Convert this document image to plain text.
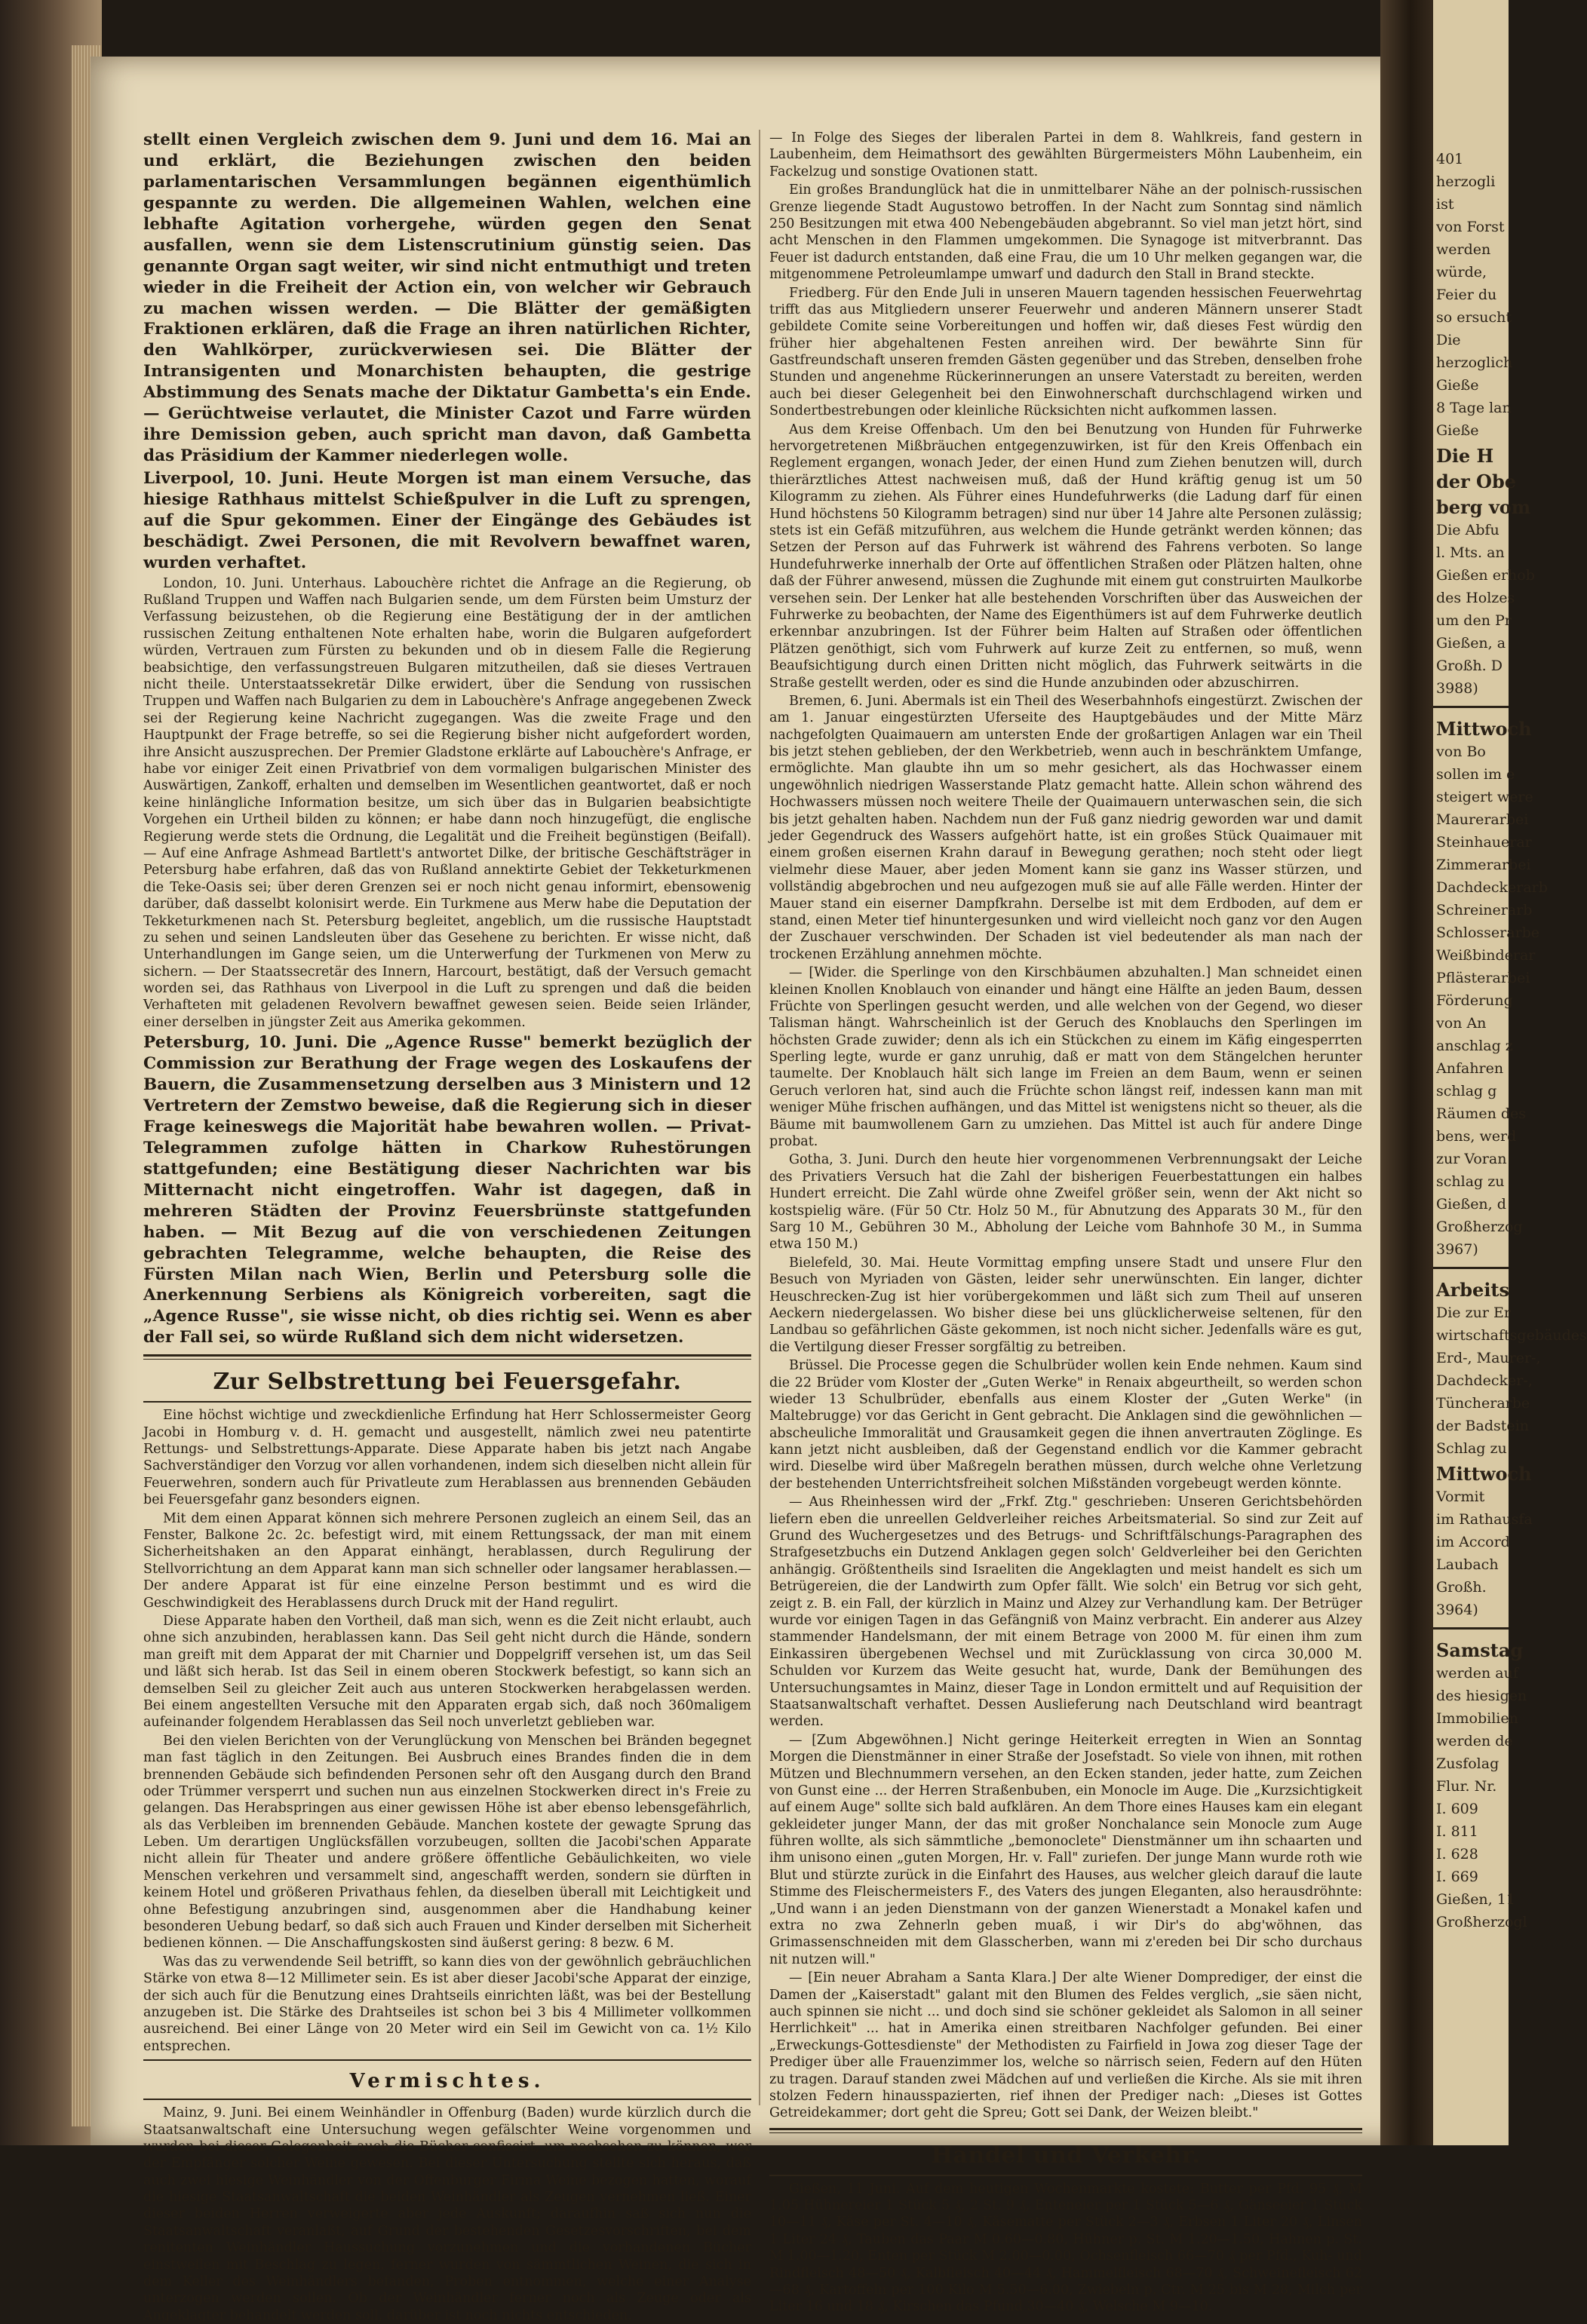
401
herzogli
ist
von Forst
werden
würde,
Feier du
so ersucht
Die
herzoglich
Gieße
8 Tage lan
Gieße
Die H
der Obe
berg vom
Die Abfu
l. Mts. an
Gießen erhob
des Holzes
um den Pr
Gießen, a
Großh. D
3988)
Mittwoch
von Bo
sollen im e
steigert were
Maurerarbei
Steinhauerar
Zimmerarbei
Dachdeckerarb
Schreinerarb
Schlosserarbe
Weißbinderar
Pflästerarbei
Förderung
von An
anschlag z
Anfahren
schlag g
Räumen des
bens, werd
zur Voran
schlag zu
Gießen, d
Großherzog
3967)
Arbeits
Die zur Er
wirtschaftsgebäudes
Erd-, Maurer-,
Dachdecker-,
Tüncherarbe
der Badstein
Schlag zu
Mittwoch
Vormit
im Rathausfa
im Accord
Laubach
Großh.
3964)
Samstag
werden auf
des hiesigen
Immobilien
werden de
Zusfolag
Flur. Nr.
I. 609
I. 811
I. 628
I. 669
Gießen, 11
Großherzogl

stellt einen Vergleich zwischen dem 9. Juni und dem 16. Mai an und erklärt, die Beziehungen zwischen den beiden parlamentarischen Versammlungen begännen eigenthümlich gespannte zu werden. Die allgemeinen Wahlen, welchen eine lebhafte Agitation vorhergehe, würden gegen den Senat ausfallen, wenn sie dem Listenscrutinium günstig seien. Das genannte Organ sagt weiter, wir sind nicht entmuthigt und treten wieder in die Freiheit der Action ein, von welcher wir Gebrauch zu machen wissen werden. — Die Blätter der gemäßigten Fraktionen erklären, daß die Frage an ihren natürlichen Richter, den Wahlkörper, zurückverwiesen sei. Die Blätter der Intransigenten und Monarchisten behaupten, die gestrige Abstimmung des Senats mache der Diktatur Gambetta's ein Ende. — Gerüchtweise verlautet, die Minister Cazot und Farre würden ihre Demission geben, auch spricht man davon, daß Gambetta das Präsidium der Kammer niederlegen wolle.

Liverpool, 10. Juni. Heute Morgen ist man einem Versuche, das hiesige Rathhaus mittelst Schießpulver in die Luft zu sprengen, auf die Spur gekommen. Einer der Eingänge des Gebäudes ist beschädigt. Zwei Personen, die mit Revolvern bewaffnet waren, wurden verhaftet.

London, 10. Juni. Unterhaus. Labouchère richtet die Anfrage an die Regierung, ob Rußland Truppen und Waffen nach Bulgarien sende, um dem Fürsten beim Umsturz der Verfassung beizustehen, ob die Regierung eine Bestätigung der in der amtlichen russischen Zeitung enthaltenen Note erhalten habe, worin die Bulgaren aufgefordert würden, Vertrauen zum Fürsten zu bekunden und ob in diesem Falle die Regierung beabsichtige, den verfassungstreuen Bulgaren mitzutheilen, daß sie dieses Vertrauen nicht theile. Unterstaatssekretär Dilke erwidert, über die Sendung von russischen Truppen und Waffen nach Bulgarien zu dem in Labouchère's Anfrage angegebenen Zweck sei der Regierung keine Nachricht zugegangen. Was die zweite Frage und den Hauptpunkt der Frage betreffe, so sei die Regierung bisher nicht aufgefordert worden, ihre Ansicht auszusprechen. Der Premier Gladstone erklärte auf Labouchère's Anfrage, er habe vor einiger Zeit einen Privatbrief von dem vormaligen bulgarischen Minister des Auswärtigen, Zankoff, erhalten und demselben im Wesentlichen geantwortet, daß er noch keine hinlängliche Information besitze, um sich über das in Bulgarien beabsichtigte Vorgehen ein Urtheil bilden zu können; er habe dann noch hinzugefügt, die englische Regierung werde stets die Ordnung, die Legalität und die Freiheit begünstigen (Beifall). — Auf eine Anfrage Ashmead Bartlett's antwortet Dilke, der britische Geschäftsträger in Petersburg habe erfahren, daß das von Rußland annektirte Gebiet der Tekketurkmenen die Teke-Oasis sei; über deren Grenzen sei er noch nicht genau informirt, ebensowenig darüber, daß dasselbt kolonisirt werde. Ein Turkmene aus Merw habe die Deputation der Tekketurkmenen nach St. Petersburg begleitet, angeblich, um die russische Hauptstadt zu sehen und seinen Landsleuten über das Gesehene zu berichten. Er wisse nicht, daß Unterhandlungen im Gange seien, um die Unterwerfung der Turkmenen von Merw zu sichern. — Der Staatssecretär des Innern, Harcourt, bestätigt, daß der Versuch gemacht worden sei, das Rathhaus von Liverpool in die Luft zu sprengen und daß die beiden Verhafteten mit geladenen Revolvern bewaffnet gewesen seien. Beide seien Irländer, einer derselben in jüngster Zeit aus Amerika gekommen.

Petersburg, 10. Juni. Die „Agence Russe" bemerkt bezüglich der Commission zur Berathung der Frage wegen des Loskaufens der Bauern, die Zusammensetzung derselben aus 3 Ministern und 12 Vertretern der Zemstwo beweise, daß die Regierung sich in dieser Frage keineswegs die Majorität habe bewahren wollen. — Privat-Telegrammen zufolge hätten in Charkow Ruhestörungen stattgefunden; eine Bestätigung dieser Nachrichten war bis Mitternacht nicht eingetroffen. Wahr ist dagegen, daß in mehreren Städten der Provinz Feuersbrünste stattgefunden haben. — Mit Bezug auf die von verschiedenen Zeitungen gebrachten Telegramme, welche behaupten, die Reise des Fürsten Milan nach Wien, Berlin und Petersburg solle die Anerkennung Serbiens als Königreich vorbereiten, sagt die „Agence Russe", sie wisse nicht, ob dies richtig sei. Wenn es aber der Fall sei, so würde Rußland sich dem nicht widersetzen.

Zur Selbstrettung bei Feuersgefahr.

Eine höchst wichtige und zweckdienliche Erfindung hat Herr Schlossermeister Georg Jacobi in Homburg v. d. H. gemacht und ausgestellt, nämlich zwei neu patentirte Rettungs- und Selbstrettungs-Apparate. Diese Apparate haben bis jetzt nach Angabe Sachverständiger den Vorzug vor allen vorhandenen, indem sich dieselben nicht allein für Feuerwehren, sondern auch für Privatleute zum Herablassen aus brennenden Gebäuden bei Feuersgefahr ganz besonders eignen.

Mit dem einen Apparat können sich mehrere Personen zugleich an einem Seil, das an Fenster, Balkone 2c. 2c. befestigt wird, mit einem Rettungssack, der man mit einem Sicherheitshaken an den Apparat einhängt, herablassen, durch Regulirung der Stellvorrichtung an dem Apparat kann man sich schneller oder langsamer herablassen.— Der andere Apparat ist für eine einzelne Person bestimmt und es wird die Geschwindigkeit des Herablassens durch Druck mit der Hand regulirt.

Diese Apparate haben den Vortheil, daß man sich, wenn es die Zeit nicht erlaubt, auch ohne sich anzubinden, herablassen kann. Das Seil geht nicht durch die Hände, sondern man greift mit dem Apparat der mit Charnier und Doppelgriff versehen ist, um das Seil und läßt sich herab. Ist das Seil in einem oberen Stockwerk befestigt, so kann sich an demselben Seil zu gleicher Zeit auch aus unteren Stockwerken herabgelassen werden. Bei einem angestellten Versuche mit den Apparaten ergab sich, daß noch 360maligem aufeinander folgendem Herablassen das Seil noch unverletzt geblieben war.

Bei den vielen Berichten von der Verunglückung von Menschen bei Bränden begegnet man fast täglich in den Zeitungen. Bei Ausbruch eines Brandes finden die in dem brennenden Gebäude sich befindenden Personen sehr oft den Ausgang durch den Brand oder Trümmer versperrt und suchen nun aus einzelnen Stockwerken direct in's Freie zu gelangen. Das Herabspringen aus einer gewissen Höhe ist aber ebenso lebensgefährlich, als das Verbleiben im brennenden Gebäude. Manchen kostete der gewagte Sprung das Leben. Um derartigen Unglücksfällen vorzubeugen, sollten die Jacobi'schen Apparate nicht allein für Theater und andere größere öffentliche Gebäulichkeiten, wo viele Menschen verkehren und versammelt sind, angeschafft werden, sondern sie dürften in keinem Hotel und größeren Privathaus fehlen, da dieselben überall mit Leichtigkeit und ohne Befestigung anzubringen sind, ausgenommen aber die Handhabung keiner besonderen Uebung bedarf, so daß sich auch Frauen und Kinder derselben mit Sicherheit bedienen können. — Die Anschaffungskosten sind äußerst gering: 8 bezw. 6 M.

Was das zu verwendende Seil betrifft, so kann dies von der gewöhnlich gebräuchlichen Stärke von etwa 8—12 Millimeter sein. Es ist aber dieser Jacobi'sche Apparat der einzige, der sich auch für die Benutzung eines Drahtseils einrichten läßt, was bei der Bestellung anzugeben ist. Die Stärke des Drahtseiles ist schon bei 3 bis 4 Millimeter vollkommen ausreichend. Bei einer Länge von 20 Meter wird ein Seil im Gewicht von ca. 1½ Kilo entsprechen.

Vermischtes.

Mainz, 9. Juni. Bei einem Weinhändler in Offenburg (Baden) wurde kürzlich durch die Staatsanwaltschaft eine Untersuchung wegen gefälschter Weine vorgenommen und wurden bei dieser Gelegenheit auch die Bücher confiscirt, um nachsehen zu können, wer der Empfänger solcher Weine gewesen. Bei dieser Untersuchung stellte sich heraus, daß auch zwei hiesige Weinhändler von der Offenburger Firma Weine bezogen hatten, worauf die hiesige Staatsanwaltschaft die beiden Weinhändler als Zeugen vernehmen ließ. Einer dieser beiden Herren verweigerte aber jede Auskunft; daraufhin saß sich nun die Staatsanwaltschaft veranlaßt, auf Grund der bestehenden Gesetzesvorschriften, bei dem renitenten Weinhändler Haussuchung vorzunehmen und die vorhandenen Bücher einstweilen mit Beschlag zu legen, ferner wurden von sämmtlichen Weinen, die sich in dem Keller des Weinhändlers befanden, Proben entnommen, welche einer Analyse unterzogen werden sollen. Ob der Weinhändler ferner noch als Zeuge oder als Angeklagter behandelt werden soll, darüber ist noch nichts entschieden.

— In Folge des Sieges der liberalen Partei in dem 8. Wahlkreis, fand gestern in Laubenheim, dem Heimathsort des gewählten Bürgermeisters Möhn Laubenheim, ein Fackelzug und sonstige Ovationen statt.

Ein großes Brandunglück hat die in unmittelbarer Nähe an der polnisch-russischen Grenze liegende Stadt Augustowo betroffen. In der Nacht zum Sonntag sind nämlich 250 Besitzungen mit etwa 400 Nebengebäuden abgebrannt. So viel man jetzt hört, sind acht Menschen in den Flammen umgekommen. Die Synagoge ist mitverbrannt. Das Feuer ist dadurch entstanden, daß eine Frau, die um 10 Uhr melken gegangen war, die mitgenommene Petroleumlampe umwarf und dadurch den Stall in Brand steckte.

Friedberg. Für den Ende Juli in unseren Mauern tagenden hessischen Feuerwehrtag trifft das aus Mitgliedern unserer Feuerwehr und anderen Männern unserer Stadt gebildete Comite seine Vorbereitungen und hoffen wir, daß dieses Fest würdig den früher hier abgehaltenen Festen anreihen wird. Der bewährte Sinn für Gastfreundschaft unseren fremden Gästen gegenüber und das Streben, denselben frohe Stunden und angenehme Rückerinnerungen an unsere Vaterstadt zu bereiten, werden auch bei dieser Gelegenheit bei den Einwohnerschaft durchschlagend wirken und Sondertbestrebungen oder kleinliche Rücksichten nicht aufkommen lassen.

Aus dem Kreise Offenbach. Um den bei Benutzung von Hunden für Fuhrwerke hervorgetretenen Mißbräuchen entgegenzuwirken, ist für den Kreis Offenbach ein Reglement ergangen, wonach Jeder, der einen Hund zum Ziehen benutzen will, durch thierärztliches Attest nachweisen muß, daß der Hund kräftig genug ist um 50 Kilogramm zu ziehen. Als Führer eines Hundefuhrwerks (die Ladung darf für einen Hund höchstens 50 Kilogramm betragen) sind nur über 14 Jahre alte Personen zulässig; stets ist ein Gefäß mitzuführen, aus welchem die Hunde getränkt werden können; das Setzen der Person auf das Fuhrwerk ist während des Fahrens verboten. So lange Hundefuhrwerke innerhalb der Orte auf öffentlichen Straßen oder Plätzen halten, ohne daß der Führer anwesend, müssen die Zughunde mit einem gut construirten Maulkorbe versehen sein. Der Lenker hat alle bestehenden Vorschriften über das Ausweichen der Fuhrwerke zu beobachten, der Name des Eigenthümers ist auf dem Fuhrwerke deutlich erkennbar anzubringen. Ist der Führer beim Halten auf Straßen oder öffentlichen Plätzen genöthigt, sich vom Fuhrwerk auf kurze Zeit zu entfernen, so muß, wenn Beaufsichtigung durch einen Dritten nicht möglich, das Fuhrwerk seitwärts in die Straße gestellt werden, oder es sind die Hunde anzubinden oder abzuschirren.

Bremen, 6. Juni. Abermals ist ein Theil des Weserbahnhofs eingestürzt. Zwischen der am 1. Januar eingestürzten Uferseite des Hauptgebäudes und der Mitte März nachgefolgten Quaimauern am untersten Ende der großartigen Anlagen war ein Theil bis jetzt stehen geblieben, der den Werkbetrieb, wenn auch in beschränktem Umfange, ermöglichte. Man glaubte ihn um so mehr gesichert, als das Hochwasser einem ungewöhnlich niedrigen Wasserstande Platz gemacht hatte. Allein schon während des Hochwassers müssen noch weitere Theile der Quaimauern unterwaschen sein, die sich bis jetzt gehalten haben. Nachdem nun der Fuß ganz niedrig geworden war und damit jeder Gegendruck des Wassers aufgehört hatte, ist ein großes Stück Quaimauer mit einem großen eisernen Krahn darauf in Bewegung gerathen; noch steht oder liegt vielmehr diese Mauer, aber jeden Moment kann sie ganz ins Wasser stürzen, und vollständig abgebrochen und neu aufgezogen muß sie auf alle Fälle werden. Hinter der Mauer stand ein eiserner Dampfkrahn. Derselbe ist mit dem Erdboden, auf dem er stand, einen Meter tief hinuntergesunken und wird vielleicht noch ganz vor den Augen der Zuschauer verschwinden. Der Schaden ist viel bedeutender als man nach der trockenen Erzählung annehmen möchte.

— [Wider. die Sperlinge von den Kirschbäumen abzuhalten.] Man schneidet einen kleinen Knollen Knoblauch von einander und hängt eine Hälfte an jeden Baum, dessen Früchte von Sperlingen gesucht werden, und alle welchen von der Gegend, wo dieser Talisman hängt. Wahrscheinlich ist der Geruch des Knoblauchs den Sperlingen im höchsten Grade zuwider; denn als ich ein Stückchen zu einem im Käfig eingesperrten Sperling legte, wurde er ganz unruhig, daß er matt von dem Stängelchen herunter taumelte. Der Knoblauch hält sich lange im Freien an dem Baum, wenn er seinen Geruch verloren hat, sind auch die Früchte schon längst reif, indessen kann man mit weniger Mühe frischen aufhängen, und das Mittel ist wenigstens nicht so theuer, als die Bäume mit baumwollenem Garn zu umziehen. Das Mittel ist auch für andere Dinge probat.

Gotha, 3. Juni. Durch den heute hier vorgenommenen Verbrennungsakt der Leiche des Privatiers Versuch hat die Zahl der bisherigen Feuerbestattungen ein halbes Hundert erreicht. Die Zahl würde ohne Zweifel größer sein, wenn der Akt nicht so kostspielig wäre. (Für 50 Ctr. Holz 50 M., für Abnutzung des Apparats 30 M., für den Sarg 10 M., Gebühren 30 M., Abholung der Leiche vom Bahnhofe 30 M., in Summa etwa 150 M.)

Bielefeld, 30. Mai. Heute Vormittag empfing unsere Stadt und unsere Flur den Besuch von Myriaden von Gästen, leider sehr unerwünschten. Ein langer, dichter Heuschrecken-Zug ist hier vorübergekommen und läßt sich zum Theil auf unseren Aeckern niedergelassen. Wo bisher diese bei uns glücklicherweise seltenen, für den Landbau so gefährlichen Gäste gekommen, ist noch nicht sicher. Jedenfalls wäre es gut, die Vertilgung dieser Fresser sorgfältig zu betreiben.

Brüssel. Die Processe gegen die Schulbrüder wollen kein Ende nehmen. Kaum sind die 22 Brüder vom Kloster der „Guten Werke" in Renaix abgeurtheilt, so werden schon wieder 13 Schulbrüder, ebenfalls aus einem Kloster der „Guten Werke" (in Maltebrugge) vor das Gericht in Gent gebracht. Die Anklagen sind die gewöhnlichen — abscheuliche Immoralität und Grausamkeit gegen die ihnen anvertrauten Zöglinge. Es kann jetzt nicht ausbleiben, daß der Gegenstand endlich vor die Kammer gebracht wird. Dieselbe wird über Maßregeln berathen müssen, durch welche ohne Verletzung der bestehenden Unterrichtsfreiheit solchen Mißständen vorgebeugt werden könnte.

— Aus Rheinhessen wird der „Frkf. Ztg." geschrieben: Unseren Gerichtsbehörden liefern eben die unreellen Geldverleiher reiches Arbeitsmaterial. So sind zur Zeit auf Grund des Wuchergesetzes und des Betrugs- und Schriftfälschungs-Paragraphen des Strafgesetzbuchs ein Dutzend Anklagen gegen solch' Geldverleiher bei den Gerichten anhängig. Größtentheils sind Israeliten die Angeklagten und meist handelt es sich um Betrügereien, die der Landwirth zum Opfer fällt. Wie solch' ein Betrug vor sich geht, zeigt z. B. ein Fall, der kürzlich in Mainz und Alzey zur Verhandlung kam. Der Betrüger wurde vor einigen Tagen in das Gefängniß von Mainz verbracht. Ein anderer aus Alzey stammender Handelsmann, der mit einem Betrage von 2000 M. für einen ihm zum Einkassiren übergebenen Wechsel und mit Zurücklassung von circa 30,000 M. Schulden vor Kurzem das Weite gesucht hat, wurde, Dank der Bemühungen des Untersuchungsamtes in Mainz, dieser Tage in London ermittelt und auf Requisition der Staatsanwaltschaft verhaftet. Dessen Auslieferung nach Deutschland wird beantragt werden.

— [Zum Abgewöhnen.] Nicht geringe Heiterkeit erregten in Wien an Sonntag Morgen die Dienstmänner in einer Straße der Josefstadt. So viele von ihnen, mit rothen Mützen und Blechnummern versehen, an den Ecken standen, jeder hatte, zum Zeichen von Gunst eine ... der Herren Straßenbuben, ein Monocle im Auge. Die „Kurzsichtigkeit auf einem Auge" sollte sich bald aufklären. An dem Thore eines Hauses kam ein elegant gekleideter junger Mann, der das mit großer Nonchalance sein Monocle zum Auge führen wollte, als sich sämmtliche „bemonoclete" Dienstmänner um ihn schaarten und ihm unisono einen „guten Morgen, Hr. v. Fall" zuriefen. Der junge Mann wurde roth wie Blut und stürzte zurück in die Einfahrt des Hauses, aus welcher gleich darauf die laute Stimme des Fleischermeisters F., des Vaters des jungen Eleganten, also herausdröhnte: „Und wann i an jeden Dienstmann von der ganzen Wienerstadt a Monakel kafen und extra no zwa Zehnerln geben muaß, i wir Dir's do abg'wöhnen, das Grimassenschneiden mit dem Glasscherben, wann mi z'ereden bei Dir scho durchaus nit nutzen will."

— [Ein neuer Abraham a Santa Klara.] Der alte Wiener Domprediger, der einst die Damen der „Kaiserstadt" galant mit den Blumen des Feldes verglich, „sie säen nicht, auch spinnen sie nicht ... und doch sind sie schöner gekleidet als Salomon in all seiner Herrlichkeit" ... hat in Amerika einen streitbaren Nachfolger gefunden. Bei einer „Erweckungs-Gottesdienste" der Methodisten zu Fairfield in Jowa zog dieser Tage der Prediger über alle Frauenzimmer los, welche so närrisch seien, Federn auf den Hüten zu tragen. Darauf standen zwei Mädchen auf und verließen die Kirche. Als sie mit ihren stolzen Federn hinausspazierten, rief ihnen der Prediger nach: „Dieses ist Gottes Getreidekammer; dort geht die Spreu; Gott sei Dank, der Weizen bleibt."

Handel und Verkehr.

Gießen, 11 Juni. Auf dem heutigen Wochenmarkte kostete: Butter per Pfd. 95 ₰, M 1.05 Hühnereier 1 Stück 5 ₰, 2 St. 9 ₰, Enteneier per 1 Stück 5—6 ₰, Gänseeier 1 Stück 10—11 ₰, Käse per St. 4—10 ₰, Käsematte per Stück 2—3 ₰, Erbsen 1 Liter 20 ₰, Linsen 1 Liter 24 ₰, Tauben das Paar M 0.60—0.80, Hühner p. St. M 1.20—1.50, Hahnen p. St. M 1.00—1.20, Enten per Stück M 2.00—0.00, Ochsenfleisch 66—70 ₰ per Pfd., Kuh- und Rindfleisch 48—50 ₰, Kalbfleisch 40—44 ₰, Hammelfleisch 68—70 ₰, Schweinefleisch 62—68 ₰, Kartoffeln per 100 Kilo M 5.50—6.00, Zwiebeln p. Ctr. M 25 bis M 28, Milch per Liter 16 und 18 ₰, Kirschen das Pfund 30—40 ₰, Welsche M 9—10.
